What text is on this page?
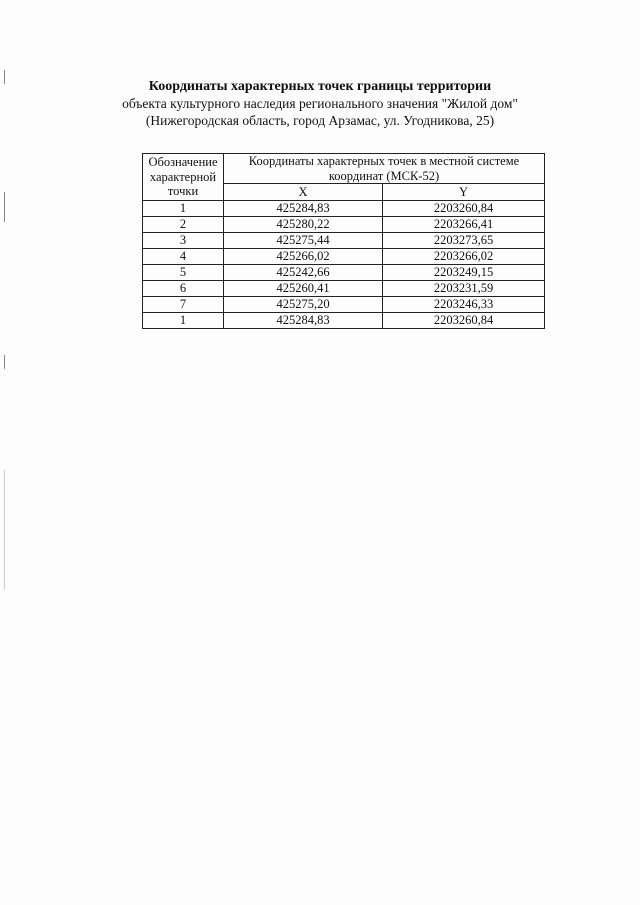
Координаты характерных точек границы территории
объекта культурного наследия регионального значения "Жилой дом"
(Нижегородская область, город Арзамас, ул. Угодникова, 25)
Обозначение характерной точки	Координаты характерных точек в местной системе координат (МСК-52)	
	X	Y
1	425284,83	2203260,84
2	425280,22	2203266,41
3	425275,44	2203273,65
4	425266,02	2203266,02
5	425242,66	2203249,15
6	425260,41	2203231,59
7	425275,20	2203246,33
1	425284,83	2203260,84
